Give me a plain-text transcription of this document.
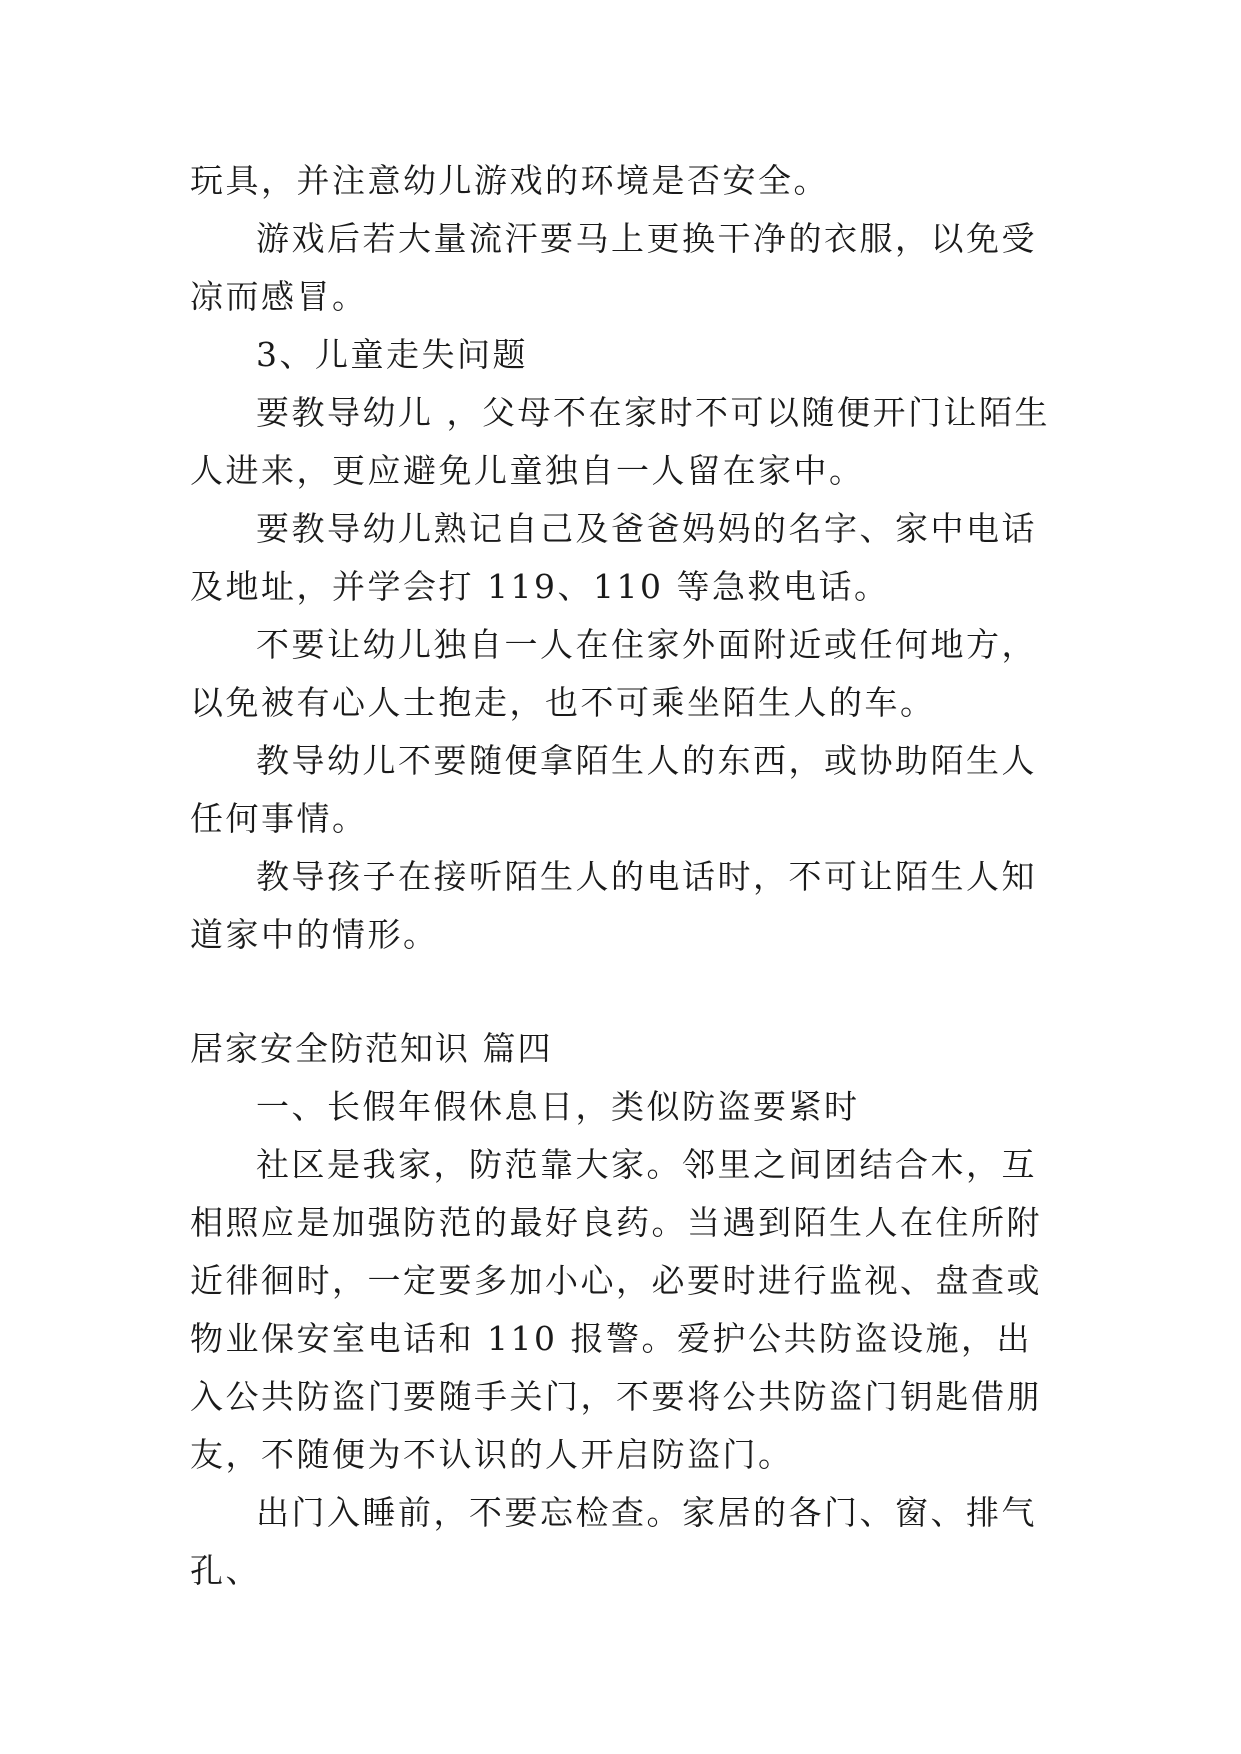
玩具，并注意幼儿游戏的环境是否安全。

游戏后若大量流汗要马上更换干净的衣服，以免受凉而感冒。

3、儿童走失问题

要教导幼儿 ，父母不在家时不可以随便开门让陌生人进来，更应避免儿童独自一人留在家中。

要教导幼儿熟记自己及爸爸妈妈的名字、家中电话及地址，并学会打 119、110 等急救电话。

不要让幼儿独自一人在住家外面附近或任何地方，以免被有心人士抱走，也不可乘坐陌生人的车。

教导幼儿不要随便拿陌生人的东西，或协助陌生人任何事情。

教导孩子在接听陌生人的电话时，不可让陌生人知道家中的情形。

居家安全防范知识 篇四

一、长假年假休息日，类似防盗要紧时

社区是我家，防范靠大家。邻里之间团结合木，互相照应是加强防范的最好良药。当遇到陌生人在住所附近徘徊时，一定要多加小心，必要时进行监视、盘查或物业保安室电话和 110 报警。爱护公共防盗设施，出入公共防盗门要随手关门，不要将公共防盗门钥匙借朋友，不随便为不认识的人开启防盗门。

出门入睡前，不要忘检查。家居的各门、窗、排气孔、
